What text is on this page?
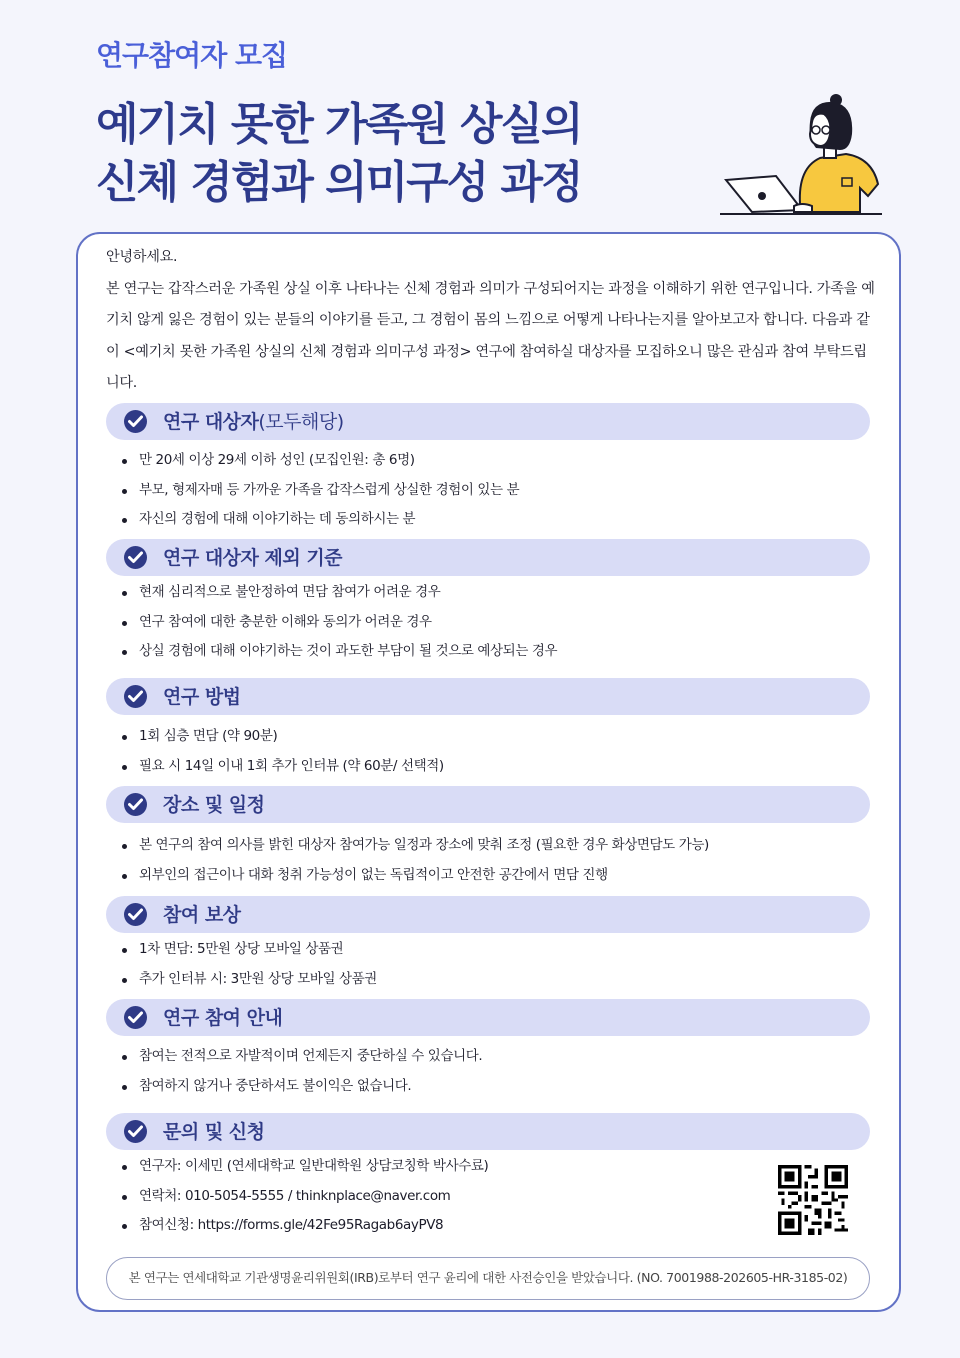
연구참여자 모집
예기치 못한 가족원 상실의
신체 경험과 의미구성 과정
안녕하세요.
본 연구는 갑작스러운 가족원 상실 이후 나타나는 신체 경험과 의미가 구성되어지는 과정을 이해하기 위한 연구입니다. 가족을 예기치 않게 잃은 경험이 있는 분들의 이야기를 듣고, 그 경험이 몸의 느낌으로 어떻게 나타나는지를 알아보고자 합니다. 다음과 같이 <예기치 못한 가족원 상실의 신체 경험과 의미구성 과정> 연구에 참여하실 대상자를 모집하오니 많은 관심과 참여 부탁드립니다.
연구 대상자(모두해당)
만 20세 이상 29세 이하 성인 (모집인원: 총 6명)
부모, 형제자매 등 가까운 가족을 갑작스럽게 상실한 경험이 있는 분
자신의 경험에 대해 이야기하는 데 동의하시는 분
연구 대상자 제외 기준
현재 심리적으로 불안정하여 면담 참여가 어려운 경우
연구 참여에 대한 충분한 이해와 동의가 어려운 경우
상실 경험에 대해 이야기하는 것이 과도한 부담이 될 것으로 예상되는 경우
연구 방법
1회 심층 면담 (약 90분)
필요 시 14일 이내 1회 추가 인터뷰 (약 60분/ 선택적)
장소 및 일정
본 연구의 참여 의사를 밝힌 대상자 참여가능 일정과 장소에 맞춰 조정 (필요한 경우 화상면담도 가능)
외부인의 접근이나 대화 청취 가능성이 없는 독립적이고 안전한 공간에서 면담 진행
참여 보상
1차 면담: 5만원 상당 모바일 상품권
추가 인터뷰 시: 3만원 상당 모바일 상품권
연구 참여 안내
참여는 전적으로 자발적이며 언제든지 중단하실 수 있습니다.
참여하지 않거나 중단하셔도 불이익은 없습니다.
문의 및 신청
연구자: 이세민 (연세대학교 일반대학원 상담코칭학 박사수료)
연락처: 010-5054-5555 / thinknplace@naver.com
참여신청: https://forms.gle/42Fe95Ragab6ayPV8
본 연구는 연세대학교 기관생명윤리위원회(IRB)로부터 연구 윤리에 대한 사전승인을 받았습니다. (NO. 7001988-202605-HR-3185-02)
